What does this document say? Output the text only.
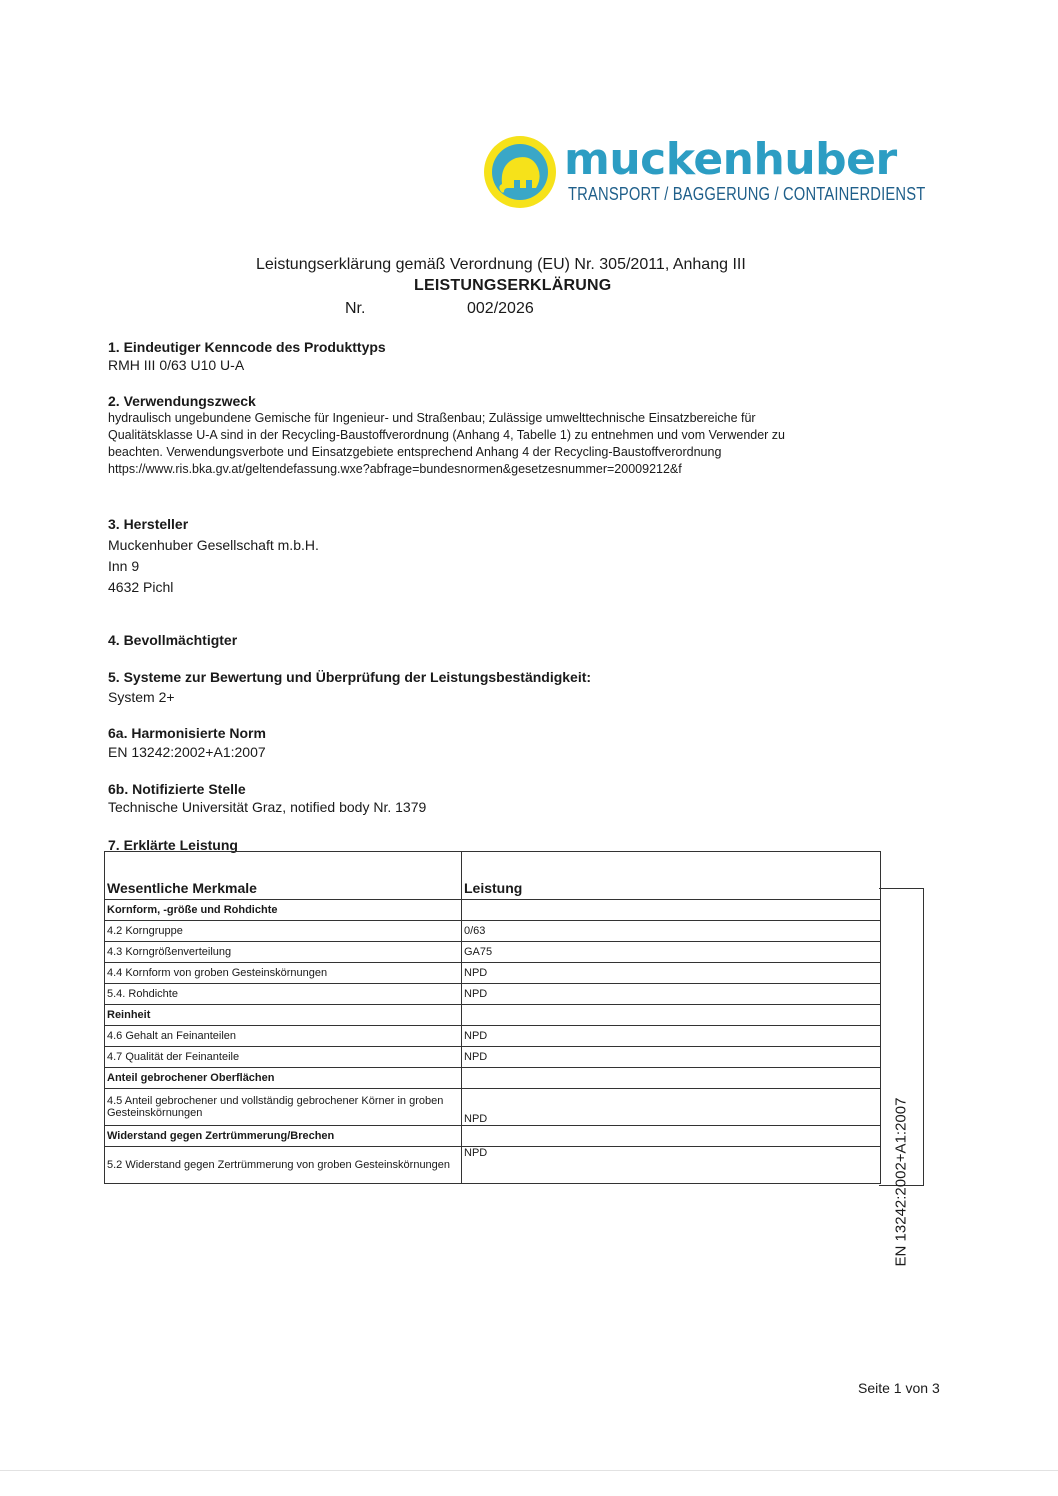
muckenhuber
TRANSPORT / BAGGERUNG / CONTAINERDIENST
Leistungserklärung gemäß Verordnung (EU) Nr. 305/2011, Anhang III
LEISTUNGSERKLÄRUNG
Nr.	002/2026
1. Eindeutiger Kenncode des Produkttyps
RMH III 0/63 U10 U-A
2. Verwendungszweck
hydraulisch ungebundene Gemische für Ingenieur- und Straßenbau; Zulässige umwelttechnische Einsatzbereiche für
Qualitätsklasse U-A sind in der Recycling-Baustoffverordnung (Anhang 4, Tabelle 1) zu entnehmen und vom Verwender zu
beachten. Verwendungsverbote und Einsatzgebiete entsprechend Anhang 4 der Recycling-Baustoffverordnung
https://www.ris.bka.gv.at/geltendefassung.wxe?abfrage=bundesnormen&gesetzesnummer=20009212&f
3. Hersteller
Muckenhuber Gesellschaft m.b.H.
Inn 9
4632 Pichl
4. Bevollmächtigter
5. Systeme zur Bewertung und Überprüfung der Leistungsbeständigkeit:
System 2+
6a. Harmonisierte Norm
EN 13242:2002+A1:2007
6b. Notifizierte Stelle
Technische Universität Graz, notified body Nr. 1379
7. Erklärte Leistung
Wesentliche Merkmale	Leistung
Kornform, -größe und Rohdichte	
4.2 Korngruppe	0/63
4.3 Korngrößenverteilung	GA75
4.4 Kornform von groben Gesteinskörnungen	NPD
5.4. Rohdichte	NPD
Reinheit	
4.6 Gehalt an Feinanteilen	NPD
4.7 Qualität der Feinanteile	NPD
Anteil gebrochener Oberflächen	
4.5 Anteil gebrochener und vollständig gebrochener Körner in groben Gesteinskörnungen	NPD
Widerstand gegen Zertrümmerung/Brechen	
5.2 Widerstand gegen Zertrümmerung von groben Gesteinskörnungen	NPD	EN 13242:2002+A1:2007
Seite 1 von 3
